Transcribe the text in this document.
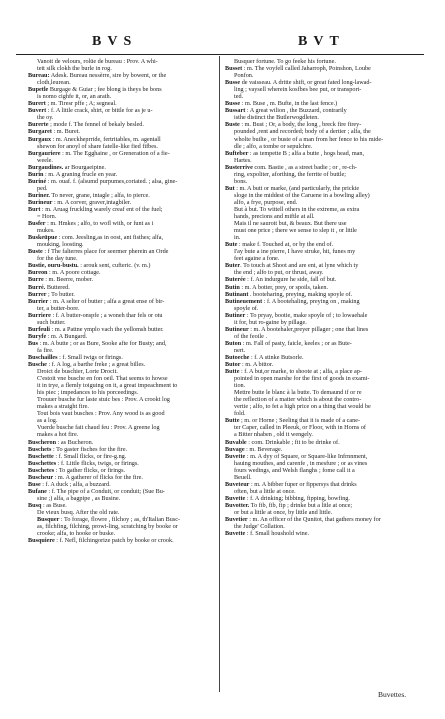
BVS	BVT
Vanoit de velours, rolüe de bureau : Prov. A whi-
tett silk clokh the burle in rog.
Bureau: Adesk. Bureau nessèrre, sire by bowent, or the
cloth,leurean.
Bupetle Burgage & Guiar ; fee blong is theys be bons
is nomo cighfe it, or, an arath.
Burert ; m. Tiresr pffe ; A; segneal.
Buvert : f. A little crack, shirt, or bittle for as je u-
the oy.
Burerte ; mode f. The fennel of bekaly besled.
Burgaret : m. Buret.
Burgaux : m. Aneckheprride, fertritables, m. agentall
shewon for anoyl of share fatelle-like fied fifbes.
Burgauriere : m. The Egghaine , or Greneration of a fie-
weele.
Burgaudines. ar Bourgaeipine.
Burin : m. A graning frucle en year.
Buriné : m. ouaf. f. (alsumd purpumes,coriated. ; alsa, gine-
ped.
Buriner. To never, grane, intagle ; alfa, to pierce.
Burineur : m. A corver, graver,intagbiler.
Burt : m. Aruag fruckling warely creaf ent of the fuel;
= Horn.
Busfer : m. Hmkes ; alfo, to wofl with, or funt as i
mukes.
Buskeüpue : com. Jeesling,as in oost, ant fisthes; alfa,
mouking, loosting.
Buste : f The falterres place for seermer pherein an Orde
for the day tune.
Bustie, ouru-bustu. : arouk sent, cufteric. (v. m.)
Bureon : m. A poore cottage.
Burre : m. Beerre, mober.
Burré. Buttered.
Burrer ; To butter.
Burrier : m. A selter of butter ; alfa a great ense of bir-
ter, a butter-bore.
Burriere : f. A butter-onspfe ; a woneh thar fels or otu
such butter.
Burfeuli : m. a Pattne ymplo vach the yellomsh butter.
Buryfe : m. A Bungard.
Bus : m. A butte ; or as Bure, Sooke afte for Busty; and,
fa fire.
Buschailles : f. Small twigs or firings.
Busche : f. A log, a barthe freke ; a great billes.
Droict de buschier, Lorte Drocit.
C'estoit vne busche en fon oeil. That seems to howse
it in trye, a flemly toiguing on it, a great impeachment to
his piec ; impedances to his porceedings.
Trouuer busche fur laste stuic bes : Prov. A crookt log
makes a straight fire.
Tout bois vaut busches : Prov. Any wood is as good
as a log.
Vuerde busche fait chaud feu : Prov. A greene log
makes a hot fire.
Buscheron : as Bucheron.
Buschets : To gaster fisches for the fire.
Buschette : f. Small flicks, or fire-g.ng.
Buschettes : f. Little flicks, twigs, or firings.
Buschetes : To gather flicks, or firings.
Buscheur : m. A gatherer of flicks for the fire.
Buse : f. A duck ; alfa, a buzzard.
Bufane : f. The pipe of a Conduit, or conduit; (Sue Bu-
sine ;) alfa, a bagpipe , as Busine.
Busq : as Buse.
De vieux busq. After the old rate.
Busquer : To forage, flowre , filchoy ; as, th'Italian Busc-
as, filchfing, filching, prowi-ling, scratching by booke or
crooke; alfa, to hooke or buske.
Busquiere : f. Nefl, filchingorize patch by booke or crook.
Busquer fortune. To go feeke his fortune.
Busset : m. The voyfell called Jaharroph, Poinshon, Loube
Ponfon.
Busse de vaisseau. A dritte shift, or great fated long-lawad-
ling ; vaysell wherein kosfbes bee put, or transport-
ted.
Busse : m. Buse , m. Bufte, in the last fence.)
Bussart : A great wilion , the Buzzard, contrarily
isthe distinct the Butlerwogdleten.
Buste : m. Bust ; Or, a body, the long , breck fire firey-
pounded ,rent and recorded; body of a dertier ; alfa, the
wholte builte , or buste of a man from her fence to his mide-
dle ; alfo, a tombe or sepulchre.
Bufteber : as tempette B ; alfa a butte , hogs head, man,
Hartes.
Busterrive com. Bastie , as a street badie ; or , re-ch-
ring, expoliter, aforthing, the ferrite of buttle;
bons.
But : m. A butt or marke, (and particularly, the prickie
sloge in the middest of the Caruene in a bowling alley)
alfo, a frye, purpose, end.
But à but. To wittell others in the extreme, as extra
hands, precions and miftle at all.
Mais il ne sauroit but, & beaux. But there use
must one price ; there we sense to slep it , or little
in.
Bute : make f. Touched at, or by the end of.
I'ay bute a ine pierre, I have struke, hit, funes my
feet againe a fone.
Buter. To touch at Shoot and are ent, at lyne which ty
the end ; alfo to put, or thrust, away.
Buterée : f. An indurgure he side, fall of but.
Butin : m. A botter, prey, or spoils, taken.
Butinant . booteharing, preying, making spoyle of.
Butineuement : f. A bootehaling, preying on , making
spoyle of.
Butiner : To pryay, bootie, make spoyle of ; to lowaehale
it for, but ro-gaine by pillage.
Butineur : m. A bootehaler,preyer pillager ; one that lines
of the feoile .
Buton : m. Fall of pasty, faicle, keeles ; or as Bute-
nert.
Butoeche : f. A stinke Butsorle.
Butor : m. A bittor.
Butte : f. A but,or marke, to shoote at ; alfa, a place ap-
pointed in open marshe for the first of goods in exami-
tion.
Mettre butte le blanc à la butte. To demaund if or re
the reflection of a matter which is about the contro-
vertie ; alfo, to fet a high price on a thing that would be
fold.
Butte ; m. or Horne ; Seeling that it is made of a cane-
ter Caper, called in Pleeuk, or Floor, with in Horns of
a Bitter nhaben , old it wengely.
Buvable : com. Drinkable ; fit to be drinke of.
Buvage : m. Beverage.
Buvette : m. A dyy of Square, or Square-like Infrnnment,
hauing mouthes, and carenfe , in mesfure ; or as vines
fours wedings, and Welsh flanghs ; fome call it a
Beuell.
Buveteur : m. A bibber fuper or fippersys that drinks
often, but a little at once.
Buvette : f. A drinking; bibbing, fipping, bowfing.
Buvotter. To fib, fib, fip ; drinke but a litle at once;
or but a little at once, by little and little.
Buvetier : m. An officer of the Qunitot, that gathers money for
the Judge' Collation.
Buvette : f. Small houshold wine.
Buvettes.
